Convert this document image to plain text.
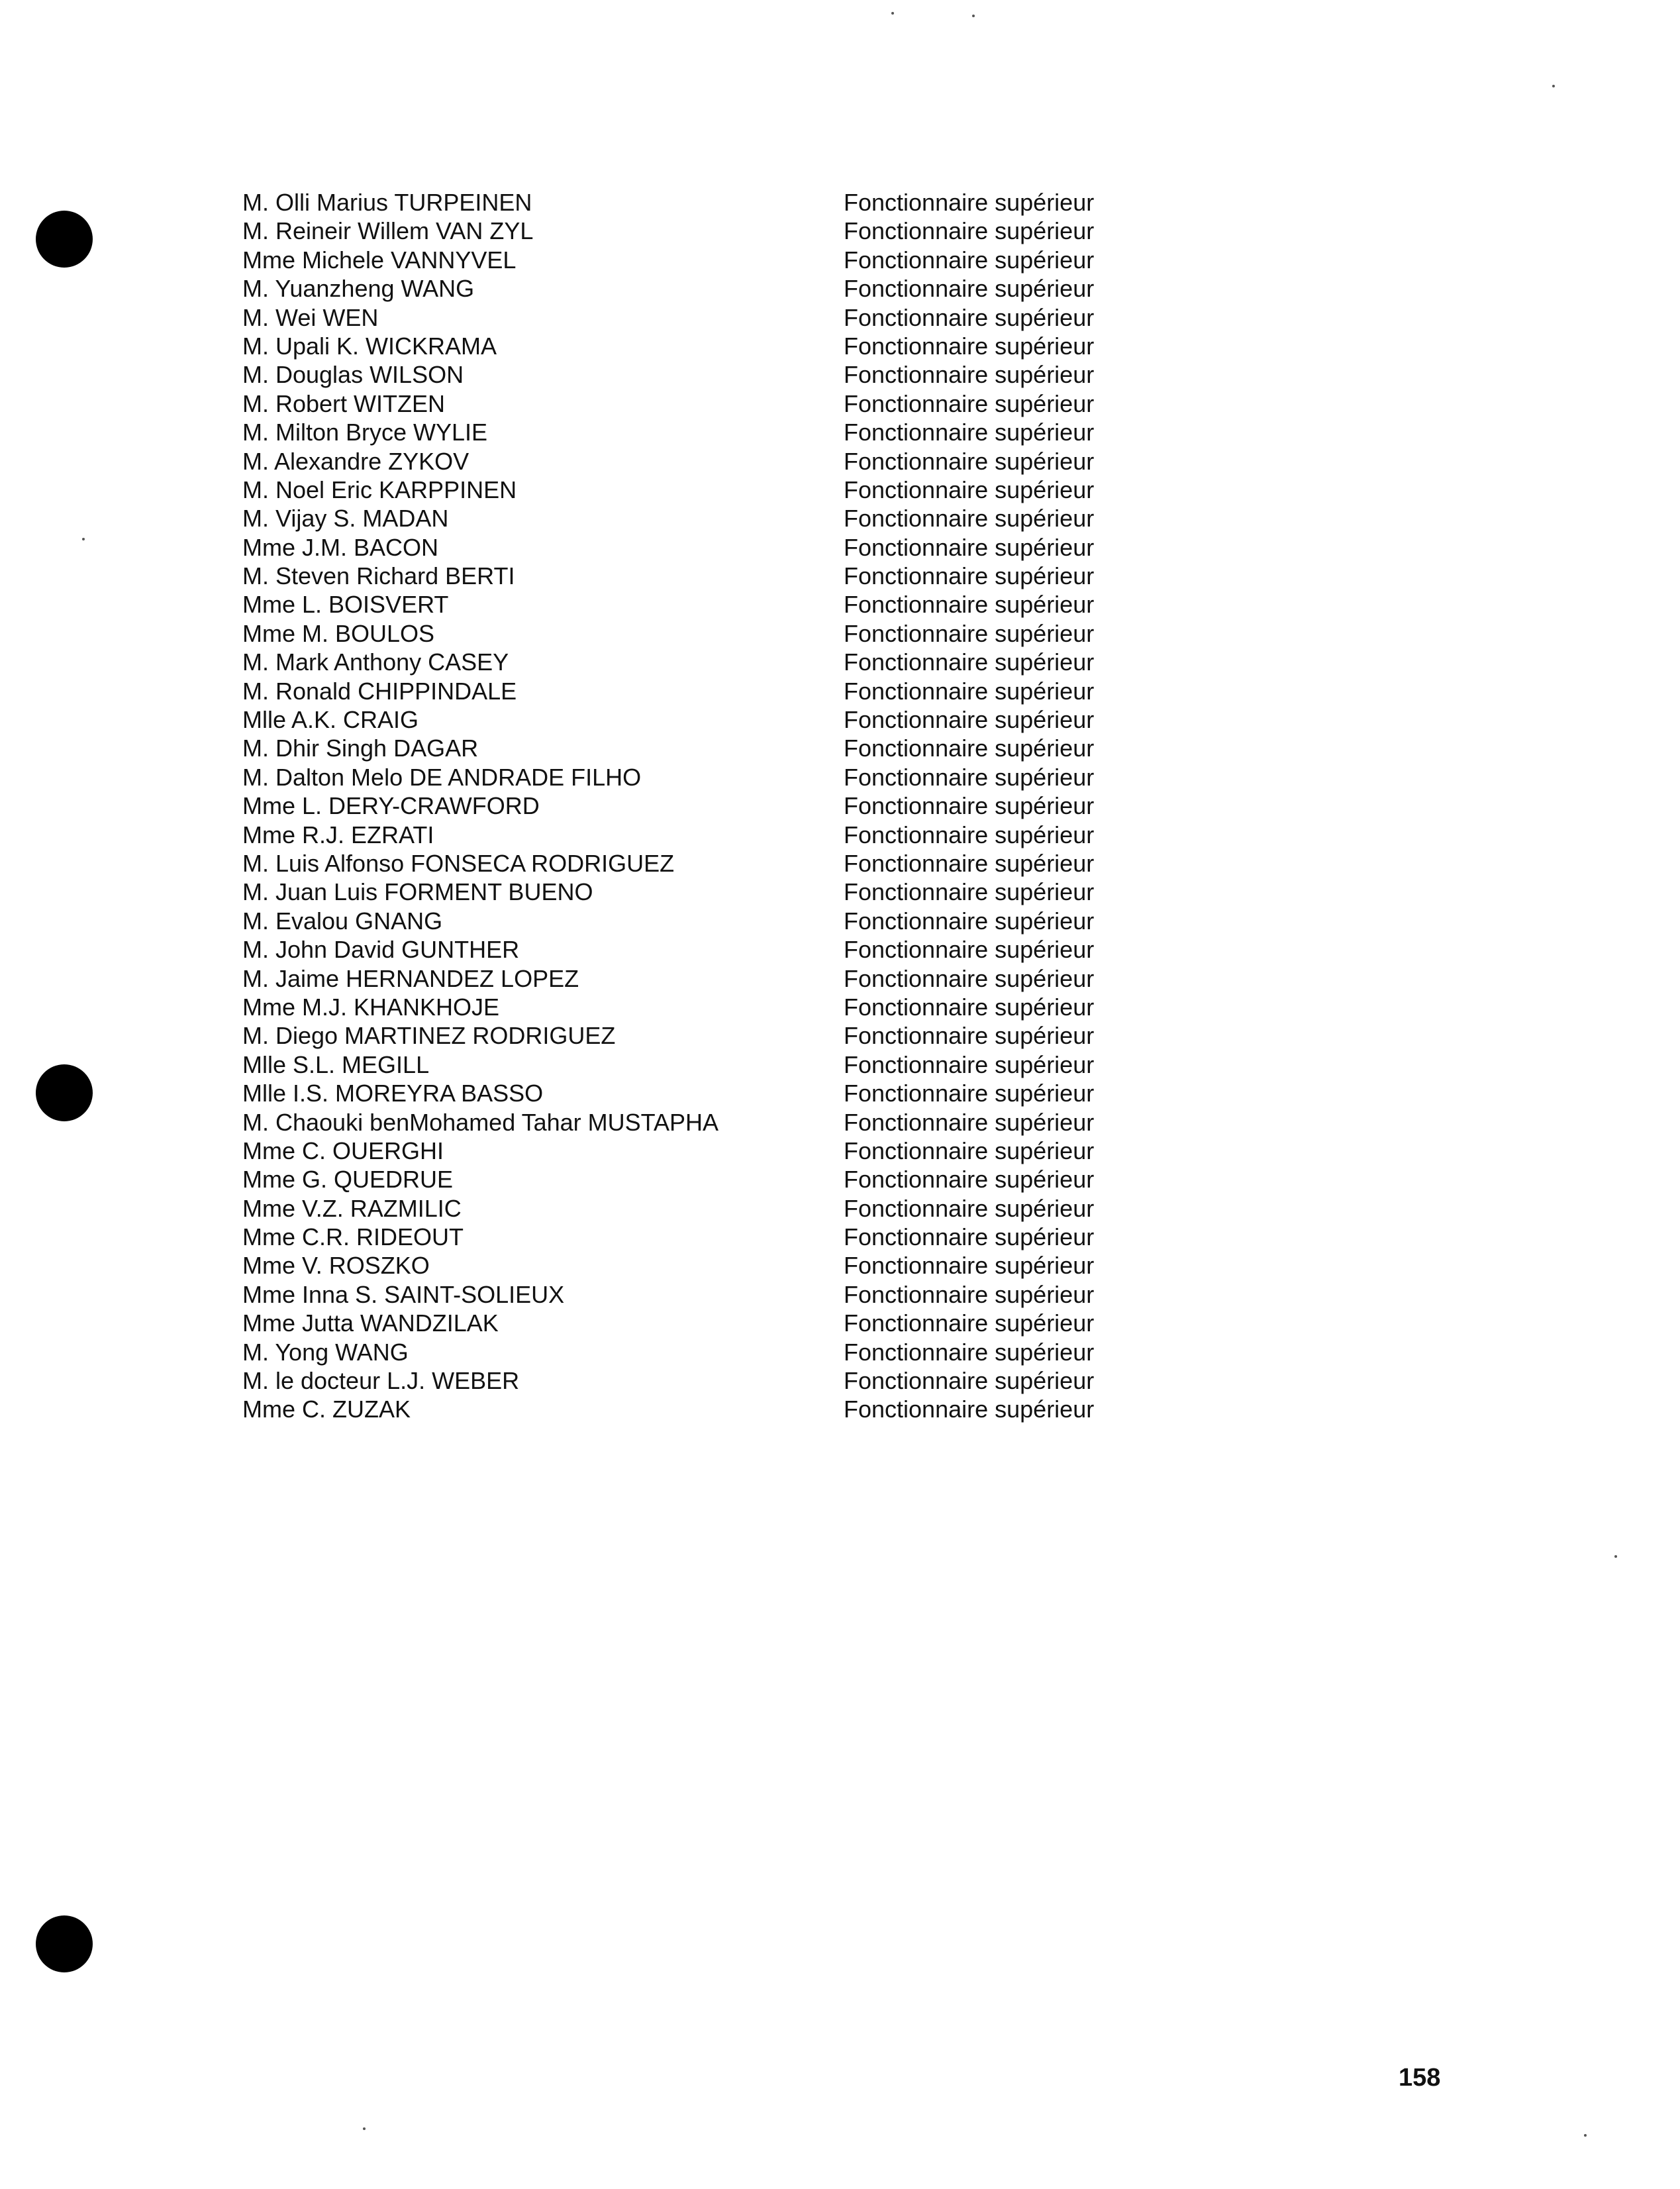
M. Olli Marius TURPEINEN	Fonctionnaire supérieur
M. Reineir Willem VAN ZYL	Fonctionnaire supérieur
Mme Michele VANNYVEL	Fonctionnaire supérieur
M. Yuanzheng WANG	Fonctionnaire supérieur
M. Wei WEN	Fonctionnaire supérieur
M. Upali K. WICKRAMA	Fonctionnaire supérieur
M. Douglas WILSON	Fonctionnaire supérieur
M. Robert WITZEN	Fonctionnaire supérieur
M. Milton Bryce WYLIE	Fonctionnaire supérieur
M. Alexandre ZYKOV	Fonctionnaire supérieur
M. Noel Eric KARPPINEN	Fonctionnaire supérieur
M. Vijay S. MADAN	Fonctionnaire supérieur
Mme J.M. BACON	Fonctionnaire supérieur
M. Steven Richard BERTI	Fonctionnaire supérieur
Mme L. BOISVERT	Fonctionnaire supérieur
Mme M. BOULOS	Fonctionnaire supérieur
M. Mark Anthony CASEY	Fonctionnaire supérieur
M. Ronald CHIPPINDALE	Fonctionnaire supérieur
Mlle A.K. CRAIG	Fonctionnaire supérieur
M. Dhir Singh DAGAR	Fonctionnaire supérieur
M. Dalton Melo DE ANDRADE FILHO	Fonctionnaire supérieur
Mme L. DERY-CRAWFORD	Fonctionnaire supérieur
Mme R.J. EZRATI	Fonctionnaire supérieur
M. Luis Alfonso FONSECA RODRIGUEZ	Fonctionnaire supérieur
M. Juan Luis FORMENT BUENO	Fonctionnaire supérieur
M. Evalou GNANG	Fonctionnaire supérieur
M. John David GUNTHER	Fonctionnaire supérieur
M. Jaime HERNANDEZ LOPEZ	Fonctionnaire supérieur
Mme M.J. KHANKHOJE	Fonctionnaire supérieur
M. Diego MARTINEZ RODRIGUEZ	Fonctionnaire supérieur
Mlle S.L. MEGILL	Fonctionnaire supérieur
Mlle I.S. MOREYRA BASSO	Fonctionnaire supérieur
M. Chaouki benMohamed Tahar MUSTAPHA	Fonctionnaire supérieur
Mme C. OUERGHI	Fonctionnaire supérieur
Mme G. QUEDRUE	Fonctionnaire supérieur
Mme V.Z. RAZMILIC	Fonctionnaire supérieur
Mme C.R. RIDEOUT	Fonctionnaire supérieur
Mme V. ROSZKO	Fonctionnaire supérieur
Mme Inna S. SAINT-SOLIEUX	Fonctionnaire supérieur
Mme Jutta WANDZILAK	Fonctionnaire supérieur
M. Yong WANG	Fonctionnaire supérieur
M. le docteur L.J. WEBER	Fonctionnaire supérieur
Mme C. ZUZAK	Fonctionnaire supérieur
158
